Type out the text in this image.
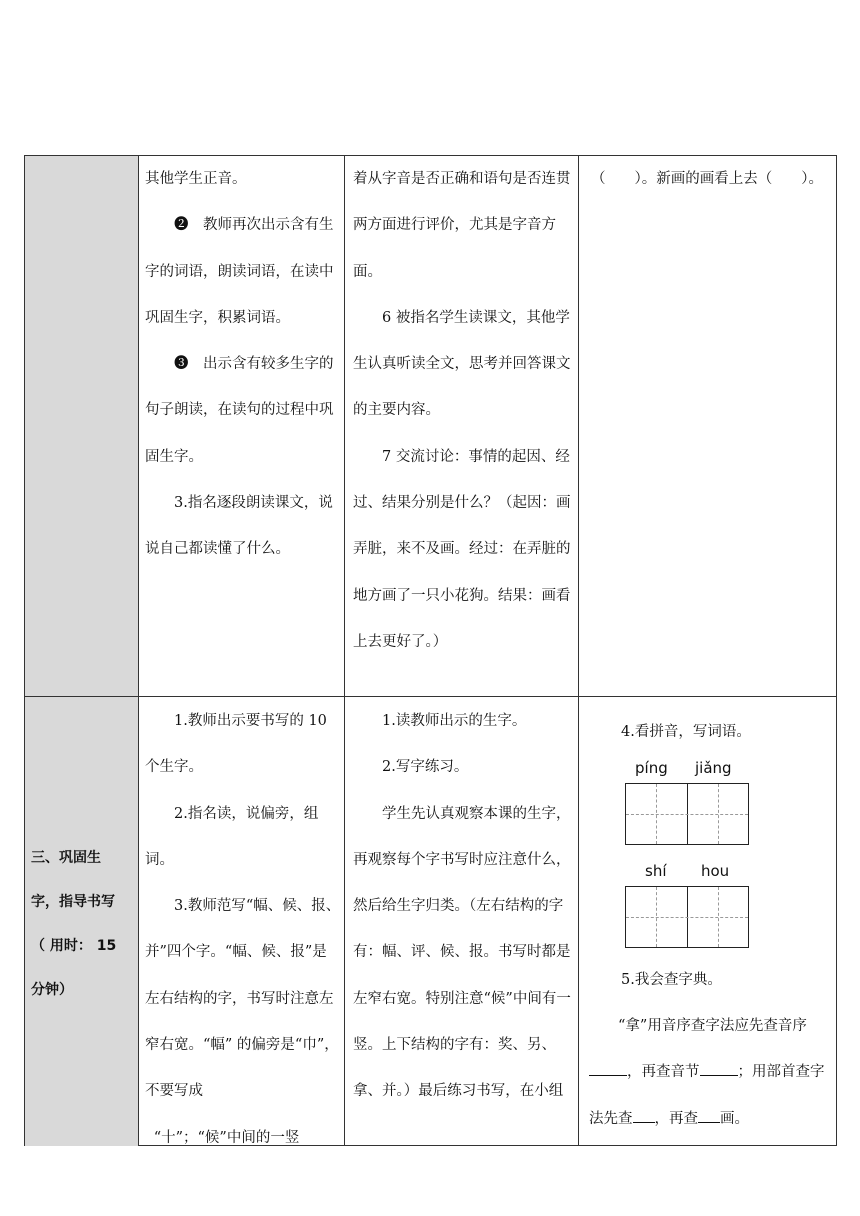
其他学生正音。

❷　教师再次出示含有生字的词语，朗读词语，在读中巩固生字，积累词语。

❸　出示含有较多生字的句子朗读，在读句的过程中巩固生字。

3.指名逐段朗读课文，说说自己都读懂了什么。

着从字音是否正确和语句是否连贯两方面进行评价，尤其是字音方面。

6 被指名学生读课文，其他学生认真听读全文，思考并回答课文的主要内容。

7 交流讨论：事情的起因、经过、结果分别是什么？（起因：画弄脏，来不及画。经过：在弄脏的地方画了一只小花狗。结果：画看上去更好了。）

（　　）。新画的画看上去（　　）。

三、巩固生
字，指导书写
（ 用时： 15
分钟）

1.教师出示要书写的 10 个生字。

2.指名读，说偏旁，组词。

3.教师范写“幅、候、报、并”四个字。“幅、候、报”是左右结构的字，书写时注意左窄右宽。“幅” 的偏旁是“巾”，不要写成

“十”；“候”中间的一竖

1.读教师出示的生字。

2.写字练习。

学生先认真观察本课的生字，再观察每个字书写时应注意什么，然后给生字归类。（左右结构的字有：幅、评、候、报。书写时都是左窄右宽。特别注意“候”中间有一竖。上下结构的字有：奖、另、拿、并。）最后练习书写，在小组

4.看拼音，写词语。
píng jiǎng
shí hou
5.我会查字典。

“拿”用音序查字法应先查音序，再查音节	；用部首查字法先查 ，再查 画。
